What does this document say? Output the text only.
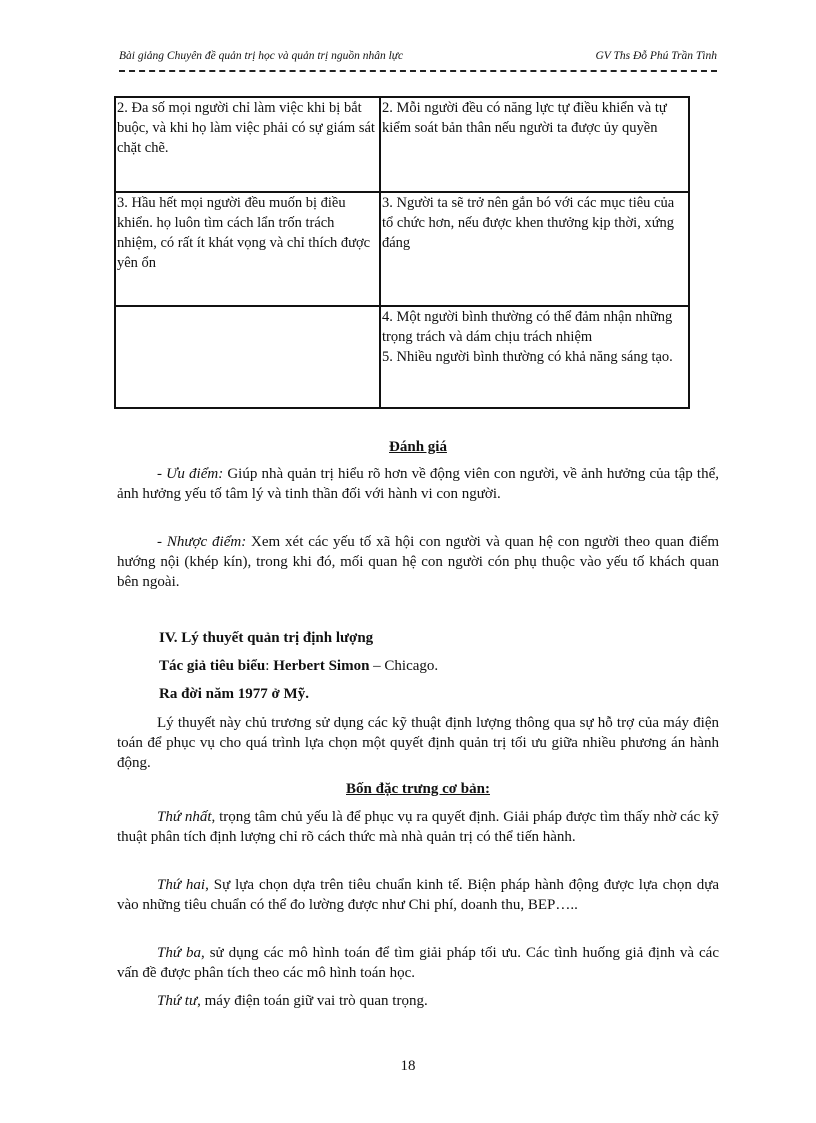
Bài giảng Chuyên đề quản trị học và quản trị nguồn nhân lực	GV Ths Đỗ Phú Trần Tình
2. Đa số mọi người chỉ làm việc khi bị bắt buộc, và khi họ làm việc phải có sự giám sát chặt chẽ.	2. Mỗi người đều có năng lực tự điều khiển và tự kiểm soát bản thân nếu người ta được ủy quyền
3. Hầu hết mọi người đều muốn bị điều khiển. họ luôn tìm cách lẩn trốn trách nhiệm, có rất ít khát vọng và chỉ thích được yên ổn	3. Người ta sẽ trở nên gắn bó với các mục tiêu của tổ chức hơn, nếu được khen thưởng kịp thời, xứng đáng

	4. Một người bình thường có thể đảm nhận những trọng trách và dám chịu trách nhiệm
5. Nhiều người bình thường có khả năng sáng tạo.
Đánh giá

- Ưu điểm: Giúp nhà quản trị hiểu rõ hơn về động viên con người, về ảnh hưởng của tập thể, ảnh hưởng yếu tố tâm lý và tinh thần đối với hành vi con người.

- Nhược điểm: Xem xét các yếu tố xã hội con người và quan hệ con người theo quan điểm hướng nội (khép kín), trong khi đó, mối quan hệ con người cón phụ thuộc vào yếu tố khách quan bên ngoài.

IV. Lý thuyết quản trị định lượng

Tác giả tiêu biểu: Herbert Simon – Chicago.

Ra đời năm 1977 ở Mỹ.

Lý thuyết này chủ trương sử dụng các kỹ thuật định lượng thông qua sự hỗ trợ của máy điện toán để phục vụ cho quá trình lựa chọn một quyết định quản trị tối ưu giữa nhiều phương án hành động.

Bốn đặc trưng cơ bản:

Thứ nhất, trọng tâm chủ yếu là để phục vụ ra quyết định. Giải pháp được tìm thấy nhờ các kỹ thuật phân tích định lượng chỉ rõ cách thức mà nhà quản trị có thể tiến hành.

Thứ hai, Sự lựa chọn dựa trên tiêu chuẩn kinh tế. Biện pháp hành động được lựa chọn dựa vào những tiêu chuẩn có thể đo lường được như Chi phí, doanh thu, BEP…..

Thứ ba, sử dụng các mô hình toán để tìm giải pháp tối ưu. Các tình huống giả định và các vấn đề được phân tích theo các mô hình toán học.

Thứ tư, máy điện toán giữ vai trò quan trọng.

18
